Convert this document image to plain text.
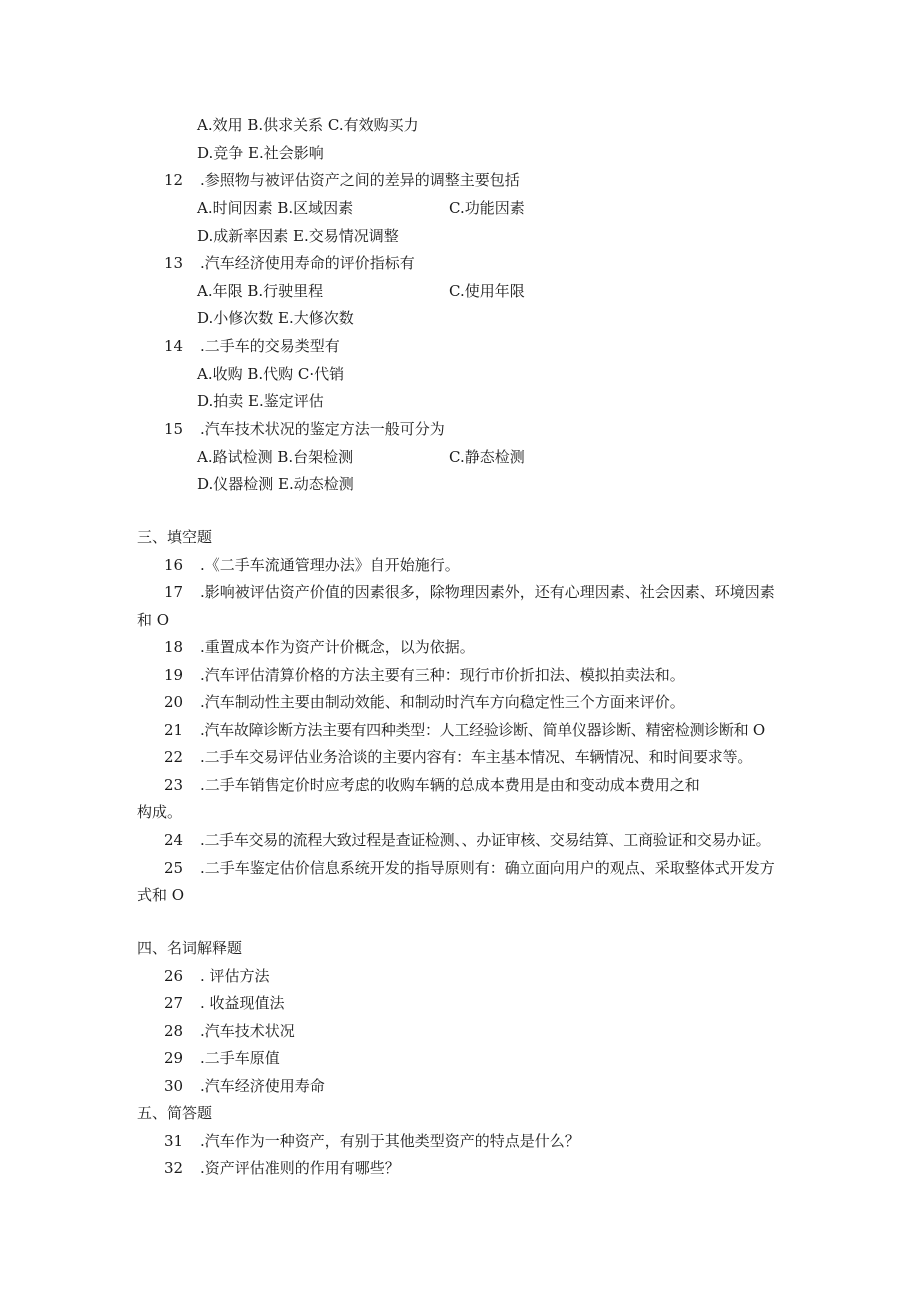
A.效用 B.供求关系 C.有效购买力
D.竞争 E.社会影响
12 .参照物与被评估资产之间的差异的调整主要包括
A.时间因素 B.区域因素	C.功能因素
D.成新率因素 E.交易情况调整
13 .汽车经济使用寿命的评价指标有
A.年限 B.行驶里程	C.使用年限
D.小修次数 E.大修次数
14 .二手车的交易类型有
A.收购 B.代购 C·代销
D.拍卖 E.鉴定评估
15 .汽车技术状况的鉴定方法一般可分为
A.路试检测 B.台架检测	C.静态检测
D.仪器检测 E.动态检测
三、填空题
16 .《二手车流通管理办法》自开始施行。
17 .影响被评估资产价值的因素很多，除物理因素外，还有心理因素、社会因素、环境因素
和 O
18 .重置成本作为资产计价概念，以为依据。
19 .汽车评估清算价格的方法主要有三种：现行市价折扣法、模拟拍卖法和。
20 .汽车制动性主要由制动效能、和制动时汽车方向稳定性三个方面来评价。
21 .汽车故障诊断方法主要有四种类型：人工经验诊断、简单仪器诊断、精密检测诊断和 O
22 .二手车交易评估业务洽谈的主要内容有：车主基本情况、车辆情况、和时间要求等。
23 .二手车销售定价时应考虑的收购车辆的总成本费用是由和变动成本费用之和
构成。
24 .二手车交易的流程大致过程是查证检测、、办证审核、交易结算、工商验证和交易办证。
25 .二手车鉴定估价信息系统开发的指导原则有：确立面向用户的观点、采取整体式开发方
式和 O
四、名词解释题
26 . 评估方法
27 . 收益现值法
28 .汽车技术状况
29 .二手车原值
30 .汽车经济使用寿命
五、简答题
31 .汽车作为一种资产，有别于其他类型资产的特点是什么？
32 .资产评估准则的作用有哪些？
